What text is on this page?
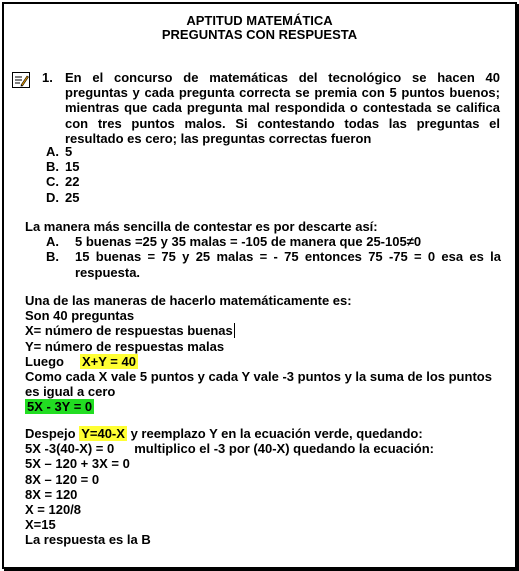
APTITUD MATEMÁTICA
PREGUNTAS CON RESPUESTA
1. En el concurso de matemáticas del tecnológico se hacen 40 preguntas y cada pregunta correcta se premia con 5 puntos buenos; mientras que cada pregunta mal respondida o contestada se califica con tres puntos malos. Si contestando todas las preguntas el resultado es cero; las preguntas correctas fueron
A. 5
B. 15
C. 22
D. 25

La manera más sencilla de contestar es por descarte así:

A. 5 buenas =25 y 35 malas = -105 de manera que 25-105≠0
B. 15 buenas = 75 y 25 malas = - 75 entonces 75 -75 = 0 esa es la respuesta.

Una de las maneras de hacerlo matemáticamente es:

Son 40 preguntas

X= número de respuestas buenas

Y= número de respuestas malas

Luego X+Y = 40

Como cada X vale 5 puntos y cada Y vale -3 puntos y la suma de los puntos es igual a cero

5X - 3Y = 0

Despejo Y=40-X y reemplazo Y en la ecuación verde, quedando:

5X -3(40-X) = 0 multiplico el -3 por (40-X) quedando la ecuación:

5X – 120 + 3X = 0

8X – 120 = 0

8X = 120

X = 120/8

X=15

La respuesta es la B
